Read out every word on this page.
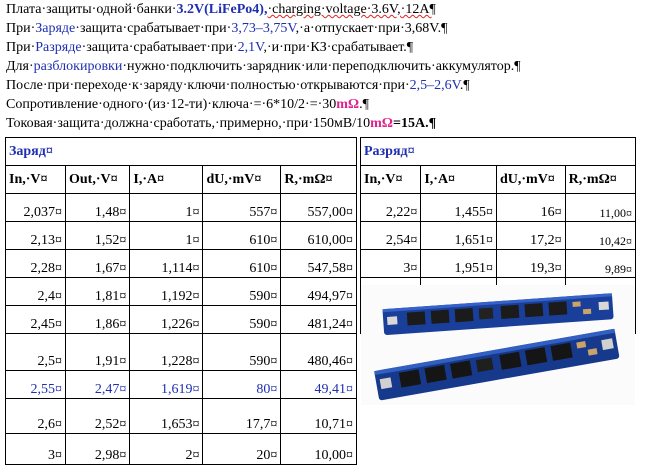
Плата·защиты·одной·банки·3.2V(LiFePo4),·charging·voltage·3.6V,·12A¶
При·Заряде·защита·срабатывает·при·3,73–3,75V,·а·отпускает·при·3,68V.¶
При·Разряде·защита·срабатывает·при·2,1V,·и·при·КЗ·срабатывает.¶
Для·разблокировки·нужно·подключить·зарядник·или·переподключить·аккумулятор.¶
После·при·переходе·к·заряду·ключи·полностью·открываются·при·2,5–2,6V.¶
Сопротивление·одного·(из·12-ти)·ключа·=·6*10/2·=·30mΩ.¶
Токовая·защита·должна·сработать,·примерно,·при·150мВ/10mΩ=15А.¶
Заряд¤				
In,·V¤	Out,·V¤	I,·A¤	dU,·mV¤	R,·mΩ¤
2,037¤	1,48¤	1¤	557¤	557,00¤
2,13¤	1,52¤	1¤	610¤	610,00¤
2,28¤	1,67¤	1,114¤	610¤	547,58¤
2,4¤	1,81¤	1,192¤	590¤	494,97¤
2,45¤	1,86¤	1,226¤	590¤	481,24¤
2,5¤	1,91¤	1,228¤	590¤	480,46¤
2,55¤	2,47¤	1,619¤	80¤	49,41¤
2,6¤	2,52¤	1,653¤	17,7¤	10,71¤
3¤	2,98¤	2¤	20¤	10,00¤
Разряд¤			
In,·V¤	I,·A¤	dU,·mV¤	R,·mΩ¤
2,22¤	1,455¤	16¤	11,00¤
2,54¤	1,651¤	17,2¤	10,42¤
3¤	1,951¤	19,3¤	9,89¤
